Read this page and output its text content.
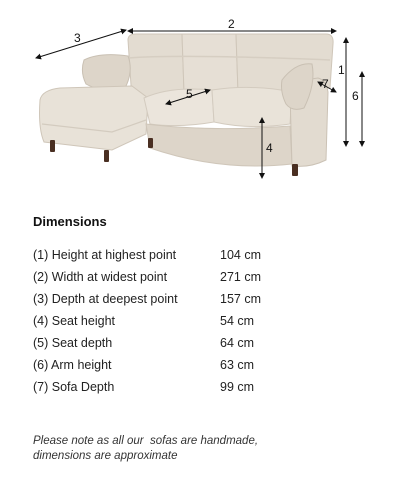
3
2
1
6
7
5
4
Dimensions
(1) Height at highest point	104 cm
(2) Width at widest point	271 cm
(3) Depth at deepest point	157 cm
(4) Seat height	54 cm
(5) Seat depth	64 cm
(6) Arm height	63 cm
(7) Sofa Depth	99 cm
Please note as all our  sofas are handmade,
dimensions are approximate
